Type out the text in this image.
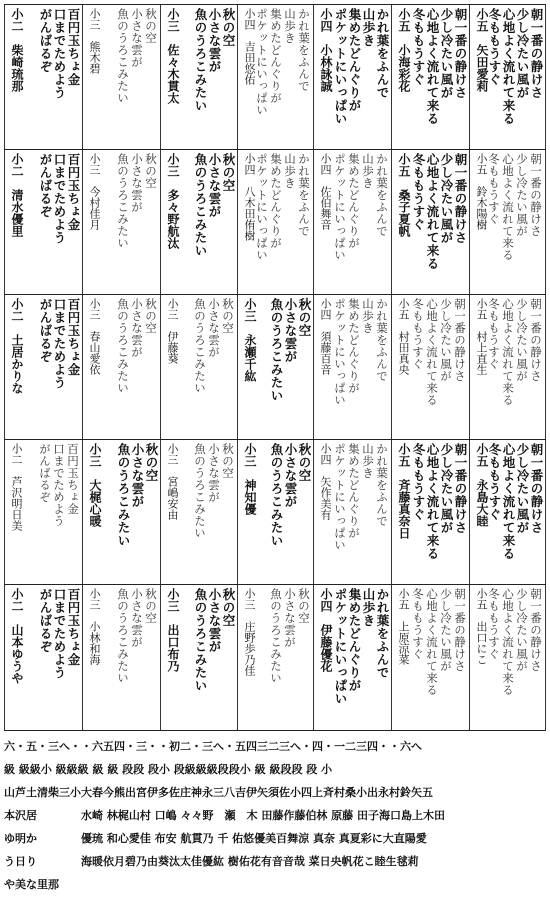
朝一番の静けさ
少し冷たい風が
心地よく流れて来る
冬ももうすぐ
小五　矢田愛莉
朝一番の静けさ
少し冷たい風が
心地よく流れて来る
冬ももうすぐ
小五　小海彩花
かれ葉をふんで
山歩き
集めたどんぐりが
ポケットにいっぱい
小四　小林詠誠
かれ葉をふんで
山歩き
集めたどんぐりが
ポケットにいっぱい
小四　吉田悠佑
秋の空
小さな雲が
魚のうろこみたい
小三　佐々木貫太
秋の空
小さな雲が
魚のうろこみたい
小三　熊木碧
百円玉ちょ金
口までためよう
がんばるぞ
小二　柴崎琉那
朝一番の静けさ
少し冷たい風が
心地よく流れて来る
冬ももうすぐ
小五　鈴木陽樹
朝一番の静けさ
少し冷たい風が
心地よく流れて来る
冬ももうすぐ
小五　桑子夏帆
かれ葉をふんで
山歩き
集めたどんぐりが
ポケットにいっぱい
小四　佐伯舞音
かれ葉をふんで
山歩き
集めたどんぐりが
ポケットにいっぱい
小四　八木田侑樹
秋の空
小さな雲が
魚のうろこみたい
小三　多々野航汰
秋の空
小さな雲が
魚のうろこみたい
小三　今村佳月
百円玉ちょ金
口までためよう
がんばるぞ
小二　清水優里
朝一番の静けさ
少し冷たい風が
心地よく流れて来る
冬ももうすぐ
小五　村上直生
朝一番の静けさ
少し冷たい風が
心地よく流れて来る
冬ももうすぐ
小五　村田真央
かれ葉をふんで
山歩き
集めたどんぐりが
ポケットにいっぱい
小四　須藤百音
秋の空
小さな雲が
魚のうろこみたい
小三　永瀬千紘
秋の空
小さな雲が
魚のうろこみたい
小三　伊藤葵
秋の空
小さな雲が
魚のうろこみたい
小三　春山愛依
百円玉ちょ金
口までためよう
がんばるぞ
小二　土居かりな
朝一番の静けさ
少し冷たい風が
心地よく流れて来る
冬ももうすぐ
小五　永島大睦
朝一番の静けさ
少し冷たい風が
心地よく流れて来る
冬ももうすぐ
小五　斉藤真奈日
かれ葉をふんで
山歩き
集めたどんぐりが
ポケットにいっぱい
小四　矢作美有
秋の空
小さな雲が
魚のうろこみたい
小三　神知優
秋の空
小さな雲が
魚のうろこみたい
小三　宮嶋安由
秋の空
小さな雲が
魚のうろこみたい
小三　大梶心暖
百円玉ちょ金
口までためよう
がんばるぞ
小二　芦沢明日美
朝一番の静けさ
少し冷たい風が
心地よく流れて来る
冬ももうすぐ
小五　出口にこ
朝一番の静けさ
少し冷たい風が
心地よく流れて来る
冬ももうすぐ
小五　上原涼菜
かれ葉をふんで
山歩き
集めたどんぐりが
ポケットにいっぱい
小四　伊藤優花
秋の空
小さな雲が
魚のうろこみたい
小三　庄野歩乃佳
秋の空
小さな雲が
魚のうろこみたい
小三　出口布乃
秋の空
小さな雲が
魚のうろこみたい
小三　小林和海
百円玉ちょ金
口までためよう
がんばるぞ
小二　山本ゆうや
六・五・三へ・・六五四・三・・初二・三へ・五四三二三へ・四・一二三四・・六へ
級 級級小 級級級 級 級 段段 段小 段級級級段段小 級 級段段 段 小
山芦土清柴三小大春今熊出宮伊多佐庄神永三八吉伊矢須佐小四上斉村桑小出永村鈴矢五
本沢居　　　　水崎 林梶山村 口嶋 々々野　瀬　木 田藤作藤伯林 原藤 田子海口島上木田
ゆ明か　　　　優琉 和心愛佳 布安 航貫乃 千 佑悠優美百舞涼 真奈 真夏彩に大直陽愛
う日り　　　　海暖依月碧乃由葵汰太佳優紘 樹佑花有音音哉 菜日央帆花こ睦生毬莉
や美な里那
